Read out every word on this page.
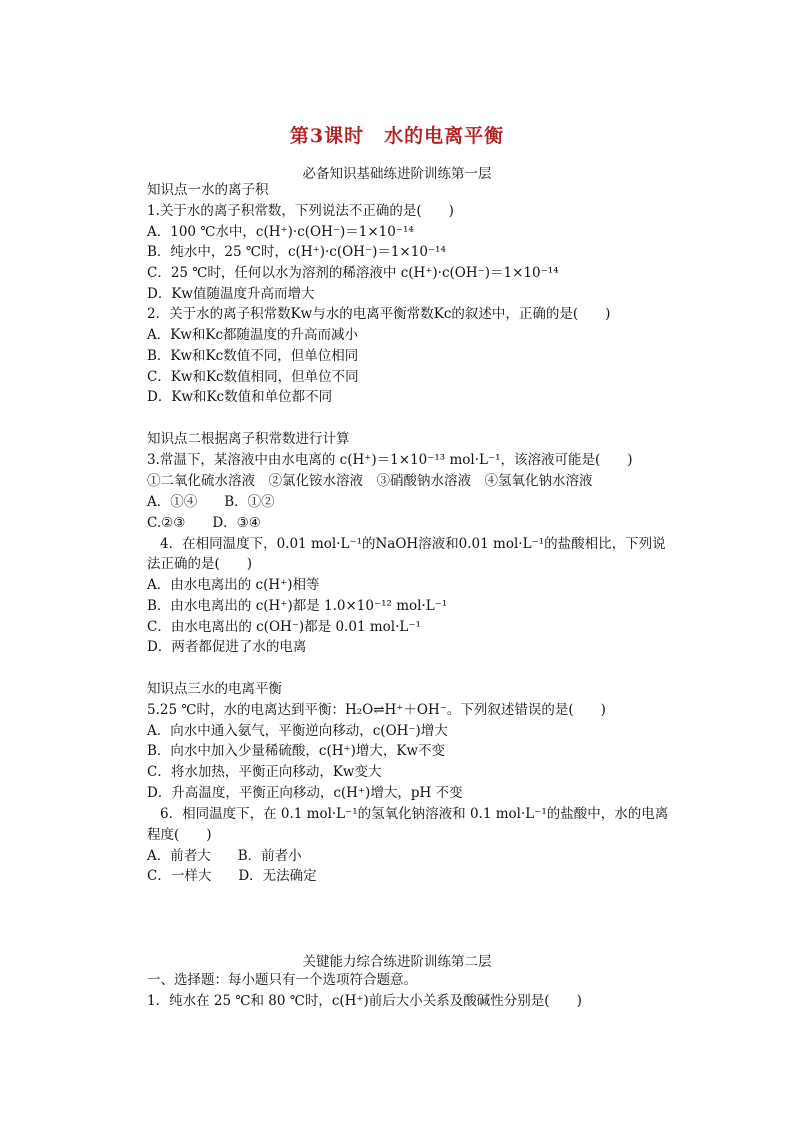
第3课时　水的电离平衡
必备知识基础练进阶训练第一层
知识点一水的离子积
1.关于水的离子积常数，下列说法不正确的是(　　)
A．100 ℃水中，c(H⁺)·c(OH⁻)＝1×10⁻¹⁴
B．纯水中，25 ℃时，c(H⁺)·c(OH⁻)＝1×10⁻¹⁴
C．25 ℃时，任何以水为溶剂的稀溶液中 c(H⁺)·c(OH⁻)＝1×10⁻¹⁴
D．Kw值随温度升高而增大
2．关于水的离子积常数Kw与水的电离平衡常数Kc的叙述中，正确的是(　　)
A．Kw和Kc都随温度的升高而减小
B．Kw和Kc数值不同，但单位相同
C．Kw和Kc数值相同，但单位不同
D．Kw和Kc数值和单位都不同
知识点二根据离子积常数进行计算
3.常温下，某溶液中由水电离的 c(H⁺)＝1×10⁻¹³ mol·L⁻¹，该溶液可能是(　　)
①二氧化硫水溶液　②氯化铵水溶液　③硝酸钠水溶液　④氢氧化钠水溶液
A．①④　　B．①②
C.②③　　D．③④
4．在相同温度下，0.01 mol·L⁻¹的NaOH溶液和0.01 mol·L⁻¹的盐酸相比，下列说
法正确的是(　　)
A．由水电离出的 c(H⁺)相等
B．由水电离出的 c(H⁺)都是 1.0×10⁻¹² mol·L⁻¹
C．由水电离出的 c(OH⁻)都是 0.01 mol·L⁻¹
D．两者都促进了水的电离
知识点三水的电离平衡
5.25 ℃时，水的电离达到平衡：H₂O⇌H⁺＋OH⁻。下列叙述错误的是(　　)
A．向水中通入氨气，平衡逆向移动，c(OH⁻)增大
B．向水中加入少量稀硫酸，c(H⁺)增大，Kw不变
C．将水加热，平衡正向移动，Kw变大
D．升高温度，平衡正向移动，c(H⁺)增大，pH 不变
6．相同温度下，在 0.1 mol·L⁻¹的氢氧化钠溶液和 0.1 mol·L⁻¹的盐酸中，水的电离
程度(　　)
A．前者大　　B．前者小
C．一样大　　D．无法确定
关键能力综合练进阶训练第二层
一、选择题：每小题只有一个选项符合题意。
1．纯水在 25 ℃和 80 ℃时，c(H⁺)前后大小关系及酸碱性分别是(　　)
